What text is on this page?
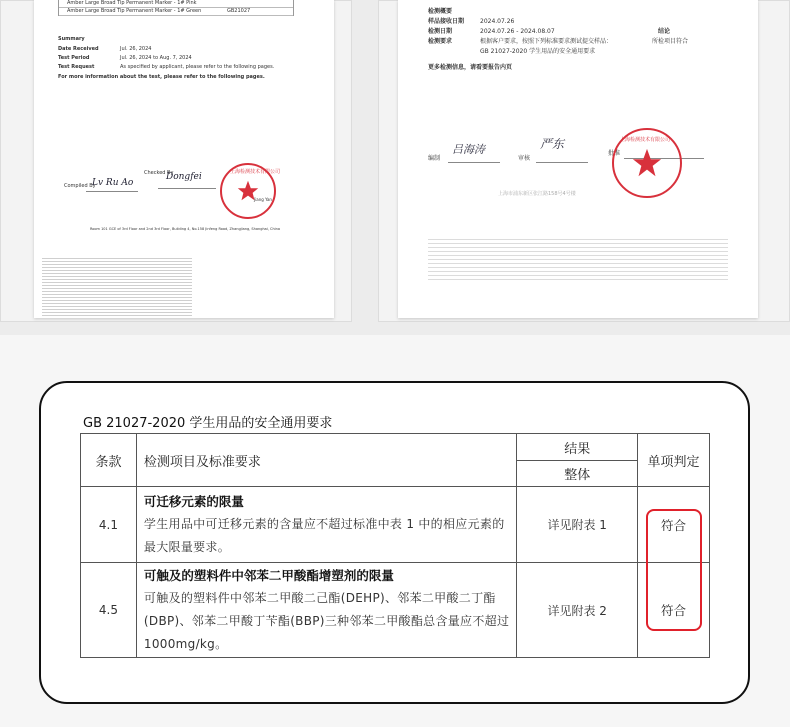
Amber Large Broad Tip Permanent Marker - 1# Pink
Amber Large Broad Tip Permanent Marker - 1# Green	GB21027
Summary
Date Received	Jul. 26, 2024
Test Period	Jul. 26, 2024 to Aug. 7, 2024
Test Request	As specified by applicant, please refer to the following pages.
For more information about the test, please refer to the following pages.
Compiled By
Lv Ru Ao
Checked By
Dongfei
Jiang Yan
上海检测技术有限公司
Room 101 GCE of 3rd Floor and 2nd 3rd Floor, Building 4, No.158 Jinfeng Road, Zhangjiang, Shanghai, China
检测概要
样品接收日期	2024.07.26
检测日期	2024.07.26 - 2024.08.07
检测要求	根据客户要求，按照下列标准要求测试提交样品：
GB 21027-2020 学生用品的安全通用要求
结论
所检项目符合
更多检测信息，请看要报告内页
编制
吕海涛
审核
严东
批准
上海检测技术有限公司
上海市浦东新区张江路158号4号楼
GB 21027-2020 学生用品的安全通用要求
条款	检测项目及标准要求	结果	单项判定
		整体	
4.1	可迁移元素的限量
学生用品中可迁移元素的含量应不超过标准中表 1 中的相应元素的最大限量要求。	详见附表 1	符合
4.5	可触及的塑料件中邻苯二甲酸酯增塑剂的限量
可触及的塑料件中邻苯二甲酸二己酯(DEHP)、邻苯二甲酸二丁酯(DBP)、邻苯二甲酸丁苄酯(BBP)三种邻苯二甲酸酯总含量应不超过 1000mg/kg。	详见附表 2	符合
